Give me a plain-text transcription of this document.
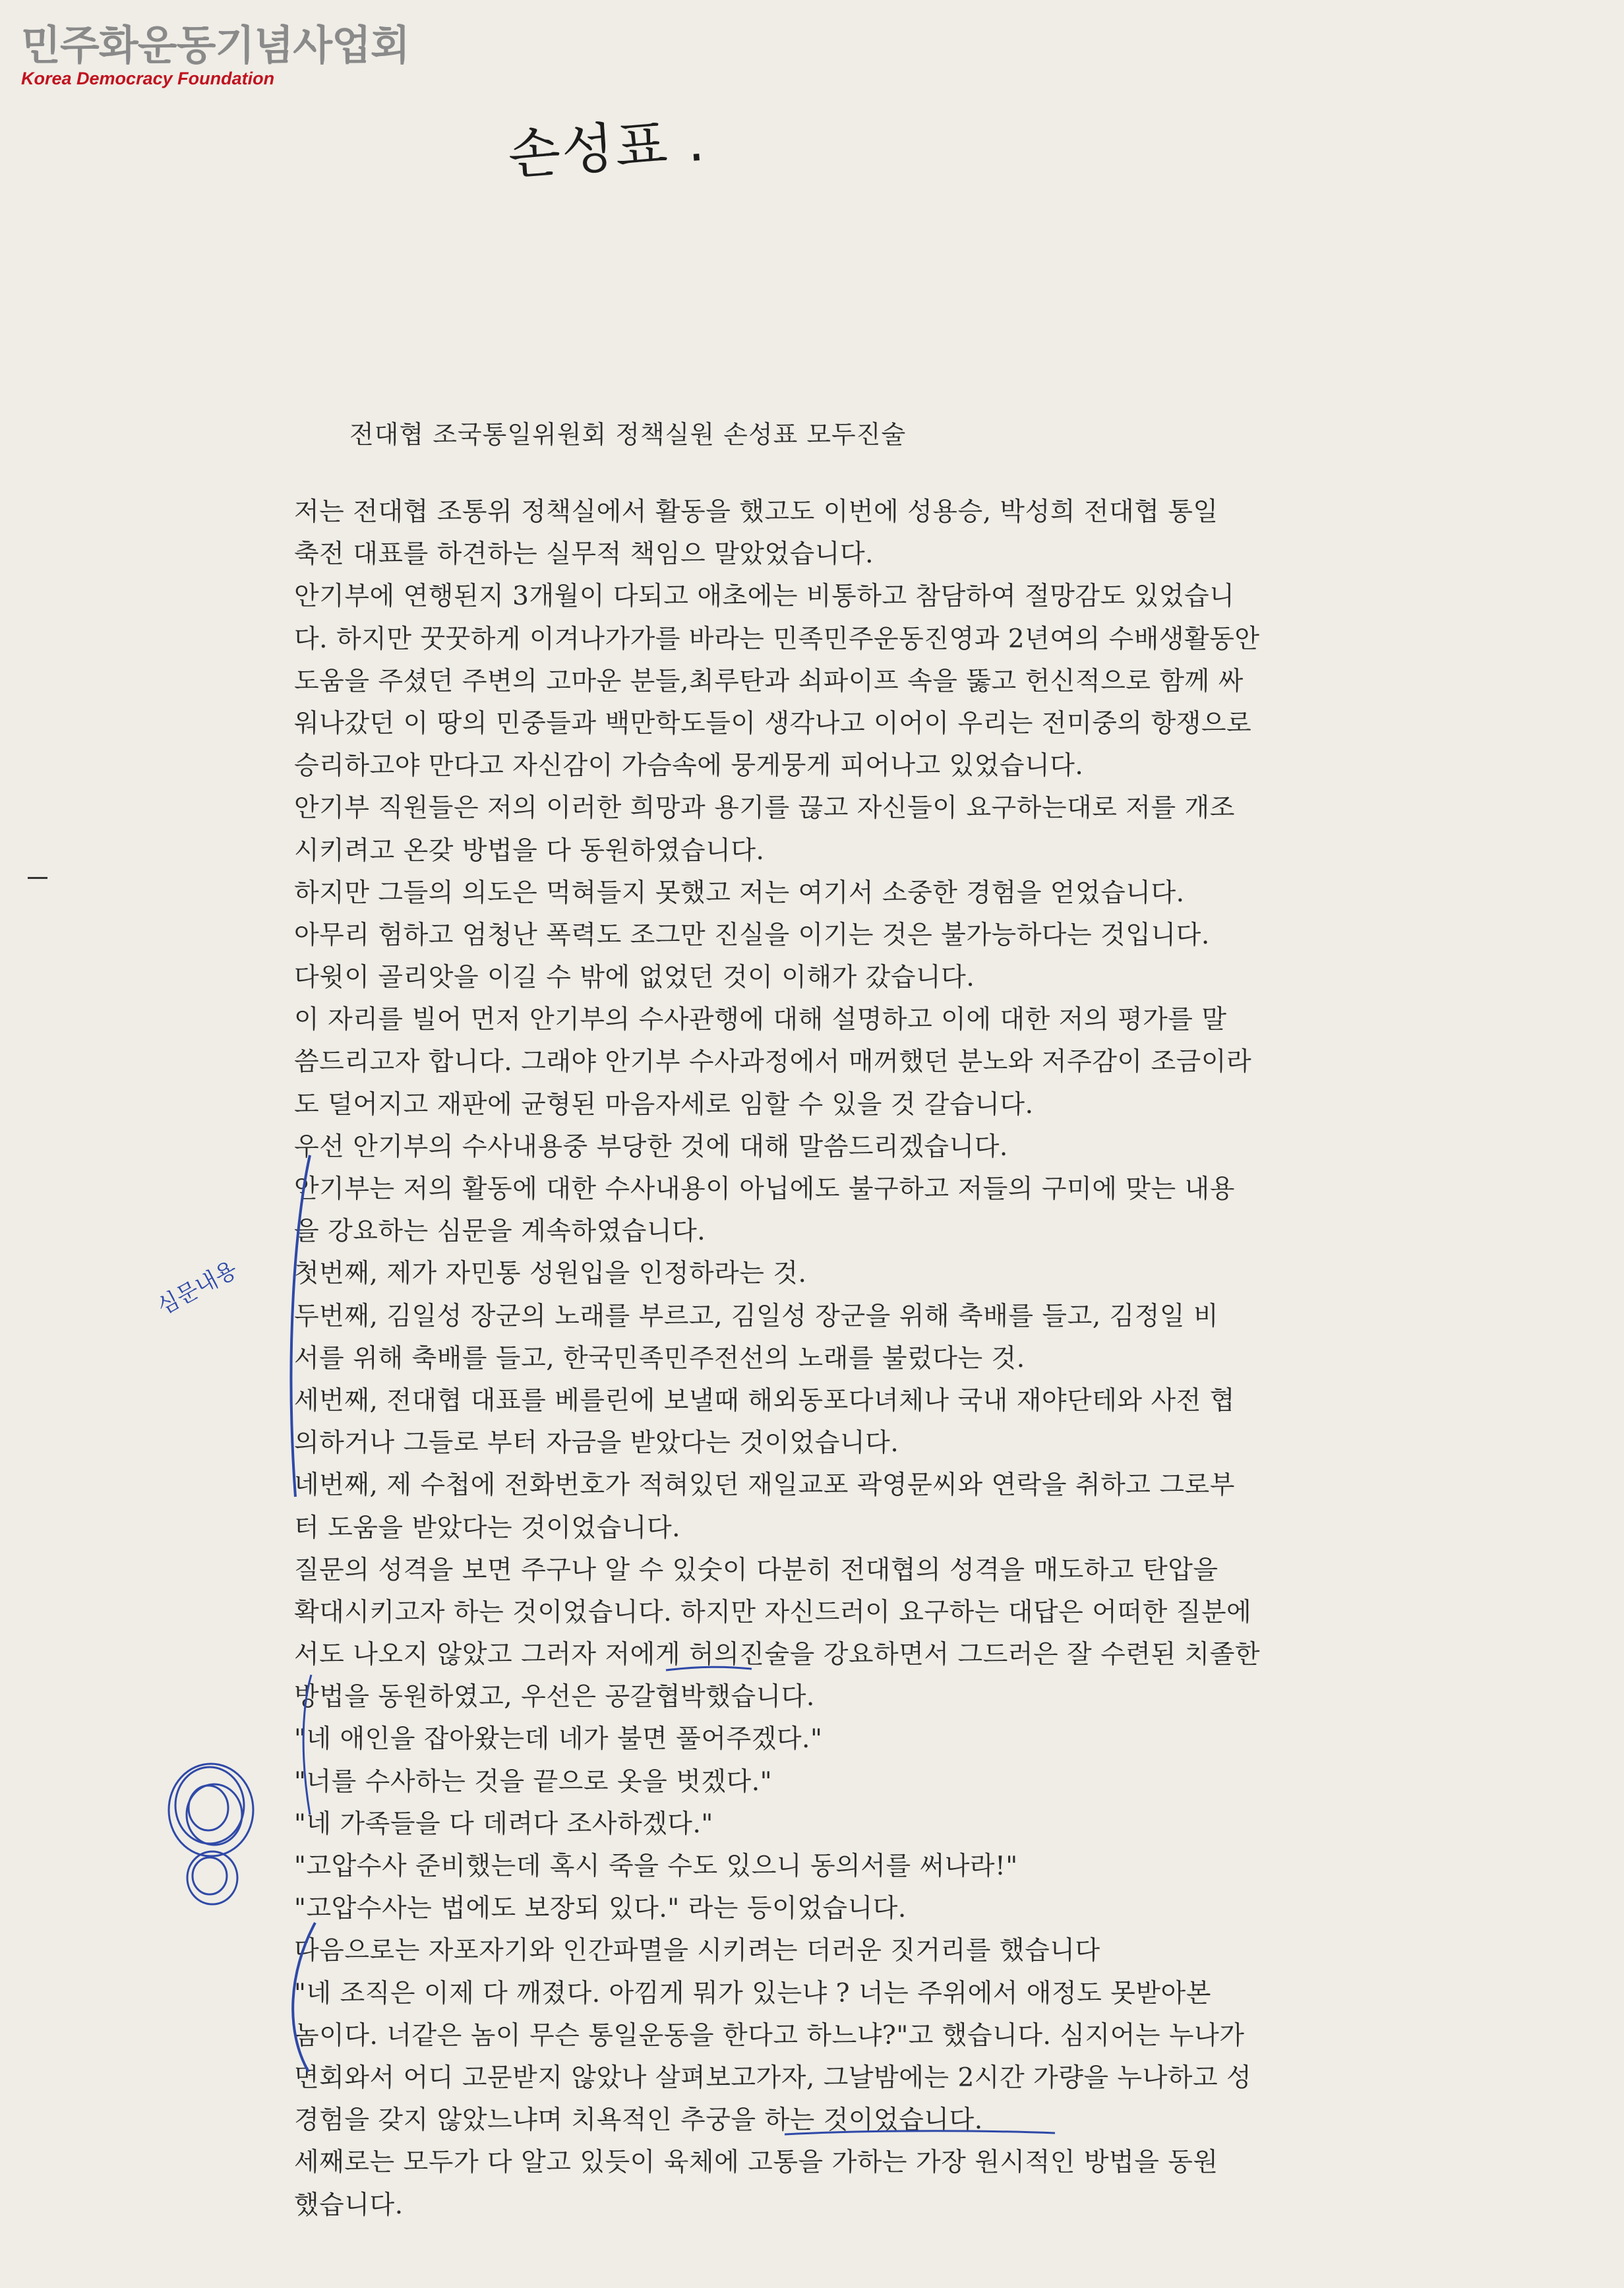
민주화운동기념사업회
Korea Democracy Foundation
손성표 .
전대협 조국통일위원회 정책실원 손성표 모두진술
저는 전대협 조통위 정책실에서 활동을 했고도 이번에 성용승, 박성희 전대협 통일
축전 대표를 하견하는 실무적 책임으 말았었습니다.
안기부에 연행된지 3개월이 다되고 애초에는 비통하고 참담하여 절망감도 있었습니
다. 하지만 꿋꿋하게 이겨나가가를 바라는 민족민주운동진영과 2년여의 수배생활동안
도움을 주셨던 주변의 고마운 분들,최루탄과 쇠파이프 속을 뚫고 헌신적으로 함께 싸
워나갔던 이 땅의 민중들과 백만학도들이 생각나고 이어이 우리는 전미중의 항쟁으로
승리하고야 만다고 자신감이 가슴속에 뭉게뭉게 피어나고 있었습니다.
안기부 직원들은 저의 이러한 희망과 용기를 끊고 자신들이 요구하는대로 저를 개조
시키려고 온갖 방법을 다 동원하였습니다.
하지만 그들의 의도은 먹혀들지 못했고 저는 여기서 소중한 경험을 얻었습니다.
아무리 험하고 엄청난 폭력도 조그만 진실을 이기는 것은 불가능하다는 것입니다.
다윗이 골리앗을 이길 수 밖에 없었던 것이 이해가 갔습니다.
이 자리를 빌어 먼저 안기부의 수사관행에 대해 설명하고 이에 대한 저의 평가를 말
씀드리고자 합니다. 그래야 안기부 수사과정에서 매꺼했던 분노와 저주감이 조금이라
도 덜어지고 재판에 균형된 마음자세로 임할 수 있을 것 갈습니다.
우선 안기부의 수사내용중 부당한 것에 대해 말씀드리겠습니다.
안기부는 저의 활동에 대한 수사내용이 아닙에도 불구하고 저들의 구미에 맞는 내용
을 강요하는 심문을 계속하였습니다.
첫번째, 제가 자민통 성원입을 인정하라는 것.
두번째, 김일성 장군의 노래를 부르고, 김일성 장군을 위해 축배를 들고, 김정일 비
서를 위해 축배를 들고, 한국민족민주전선의 노래를 불렀다는 것.
세번째, 전대협 대표를 베를린에 보낼때 해외동포다녀체나 국내 재야단테와 사전 협
의하거나 그들로 부터 자금을 받았다는 것이었습니다.
네번째, 제 수첩에 전화번호가 적혀있던 재일교포 곽영문씨와 연락을 취하고 그로부
터 도움을 받았다는 것이었습니다.
질문의 성격을 보면 주구나 알 수 있숫이 다분히 전대협의 성격을 매도하고 탄압을
확대시키고자 하는 것이었습니다. 하지만 자신드러이 요구하는 대답은 어떠한 질분에
서도 나오지 않았고 그러자 저에게 허의진술을 강요하면서 그드러은 잘 수련된 치졸한
방법을 동원하였고, 우선은 공갈협박했습니다.
"네 애인을 잡아왔는데 네가 불면 풀어주겠다."
"너를 수사하는 것을 끝으로 옷을 벗겠다."
"네 가족들을 다 데려다 조사하겠다."
"고압수사 준비했는데 혹시 죽을 수도 있으니 동의서를 써나라!"
"고압수사는 법에도 보장되 있다." 라는 등이었습니다.
다음으로는 자포자기와 인간파멸을 시키려는 더러운 짓거리를 했습니다
"네 조직은 이제 다 깨졌다. 아낌게 뭐가 있는냐 ? 너는 주위에서 애정도 못받아본
놈이다. 너같은 놈이 무슨 통일운동을 한다고 하느냐?"고 했습니다. 심지어는 누나가
면회와서 어디 고문받지 않았나 살펴보고가자, 그날밤에는 2시간 가량을 누나하고 성
경험을 갖지 않았느냐며 치욕적인 추궁을 하는 것이었습니다.
세째로는 모두가 다 알고 있듯이 육체에 고통을 가하는 가장 원시적인 방법을 동원
했습니다.
심문내용
